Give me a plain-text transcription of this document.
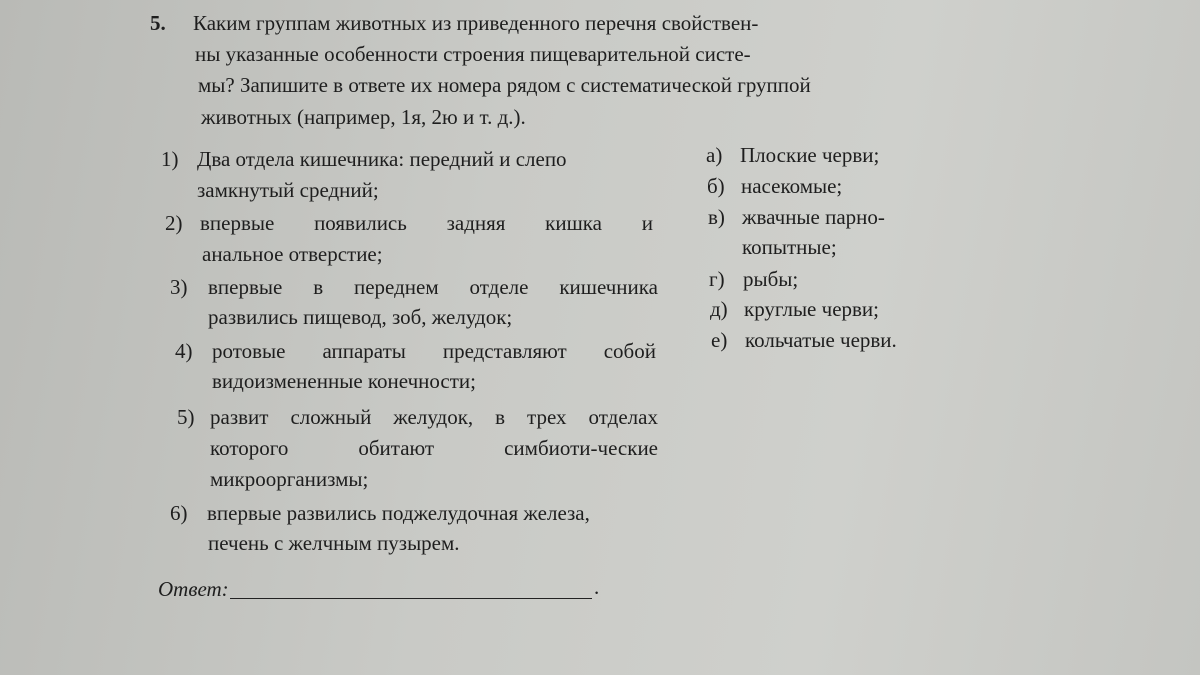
5. Каким группам животных из приведенного перечня свойствен-
ны указанные особенности строения пищеварительной систе-
мы? Запишите в ответе их номера рядом с систематической группой
животных (например, 1я, 2ю и т. д.).
1) Два отдела кишечника: передний и слепо
замкнутый средний;
2) впервые появились задняя кишка и
анальное отверстие;
3) впервые в переднем отделе кишечника
развились пищевод, зоб, желудок;
4) ротовые аппараты представляют собой
видоизмененные конечности;
5) развит сложный желудок, в трех отделах
которого	обитают	симбиоти-ческие
микроорганизмы;
6) впервые развились поджелудочная железа,
печень с желчным пузырем.
а) Плоские черви;
б) насекомые;
в) жвачные парно-
копытные;
г) рыбы;
д) круглые черви;
е) кольчатые черви.
Ответ:	.
